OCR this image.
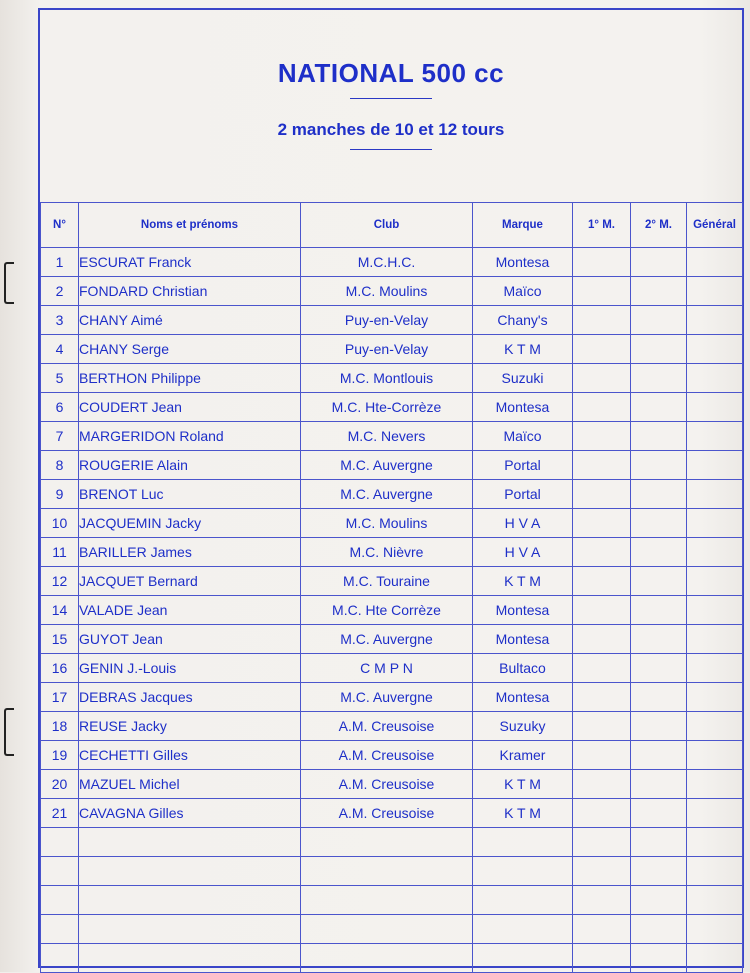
NATIONAL 500 cc
2 manches de 10 et 12 tours
N°	Noms et prénoms	Club	Marque	1° M.	2° M.	Général
1	ESCURAT Franck	M.C.H.C.	Montesa			
2	FONDARD Christian	M.C. Moulins	Maïco			
3	CHANY Aimé	Puy-en-Velay	Chany's			
4	CHANY Serge	Puy-en-Velay	K T M			
5	BERTHON Philippe	M.C. Montlouis	Suzuki			
6	COUDERT Jean	M.C. Hte-Corrèze	Montesa			
7	MARGERIDON Roland	M.C. Nevers	Maïco			
8	ROUGERIE Alain	M.C. Auvergne	Portal			
9	BRENOT Luc	M.C. Auvergne	Portal			
10	JACQUEMIN Jacky	M.C. Moulins	H V A			
11	BARILLER James	M.C. Nièvre	H V A			
12	JACQUET Bernard	M.C. Touraine	K T M			
14	VALADE Jean	M.C. Hte Corrèze	Montesa			
15	GUYOT Jean	M.C. Auvergne	Montesa			
16	GENIN J.-Louis	C M P N	Bultaco			
17	DEBRAS Jacques	M.C. Auvergne	Montesa			
18	REUSE Jacky	A.M. Creusoise	Suzuky			
19	CECHETTI Gilles	A.M. Creusoise	Kramer			
20	MAZUEL Michel	A.M. Creusoise	K T M			
21	CAVAGNA Gilles	A.M. Creusoise	K T M			
